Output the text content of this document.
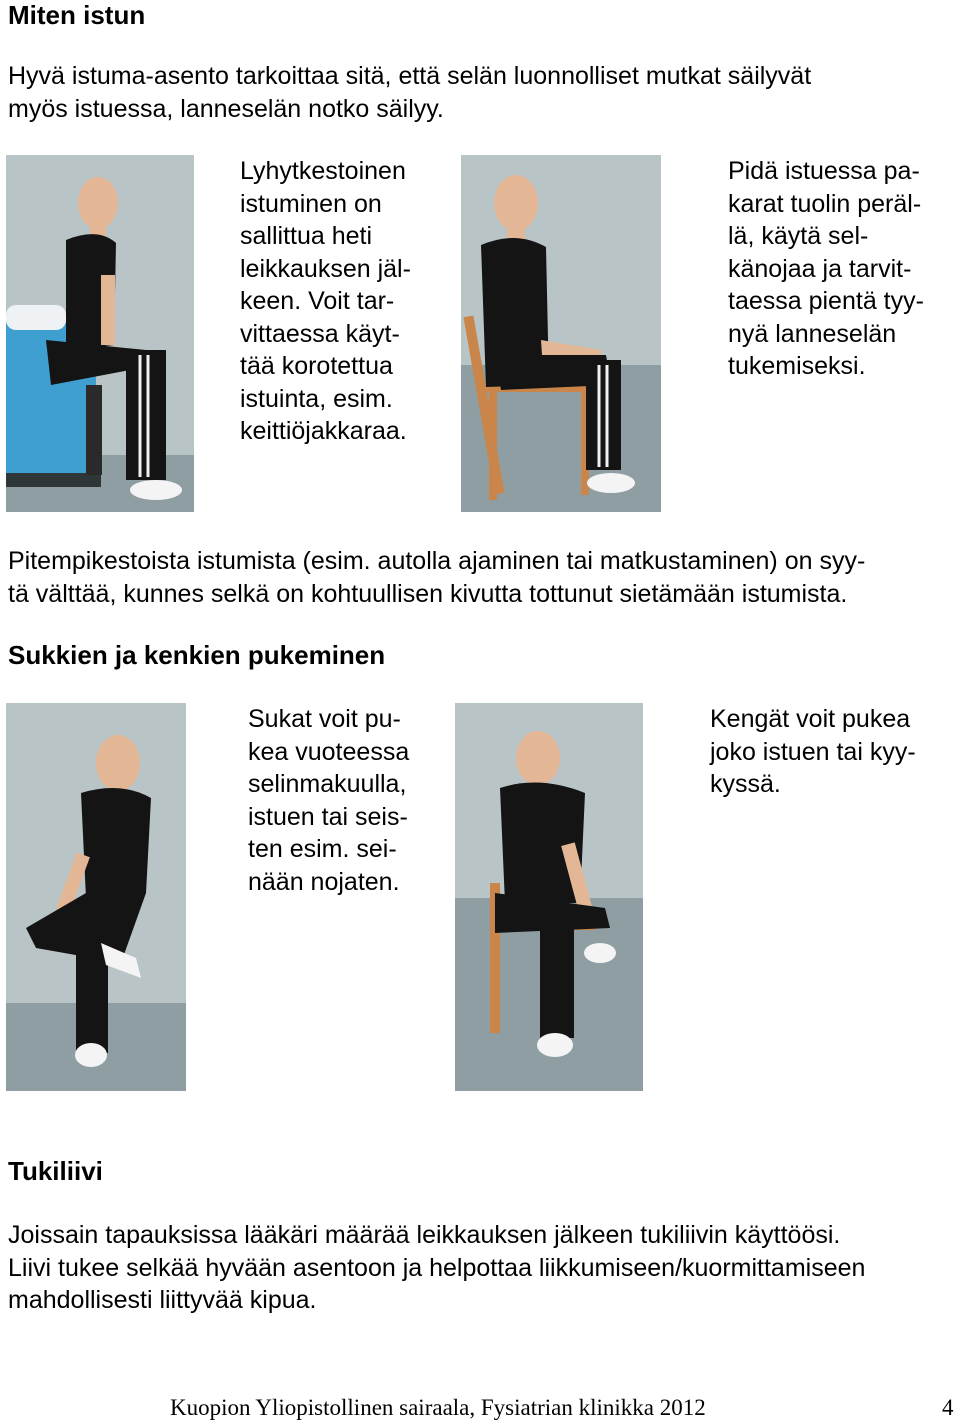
Miten istun
Hyvä istuma-asento tarkoittaa sitä, että selän luonnolliset mutkat säilyvät
myös istuessa, lanneselän notko säilyy.
Lyhytkestoinen
istuminen on
sallittua heti
leikkauksen jäl-
keen. Voit tar-
vittaessa käyt-
tää korotettua
istuinta, esim.
keittiöjakkaraa.
Pidä istuessa pa-
karat tuolin peräl-
lä, käytä sel-
känojaa ja tarvit-
taessa pientä tyy-
nyä lanneselän
tukemiseksi.
Pitempikestoista istumista (esim. autolla ajaminen tai matkustaminen) on syy-
tä välttää, kunnes selkä on kohtuullisen kivutta tottunut sietämään istumista.
Sukkien ja kenkien pukeminen
Sukat voit pu-
kea vuoteessa
selinmakuulla,
istuen tai seis-
ten esim. sei-
nään nojaten.
Kengät voit pukea
joko istuen tai kyy-
kyssä.
Tukiliivi
Joissain tapauksissa lääkäri määrää leikkauksen jälkeen tukiliivin käyttöösi.
Liivi tukee selkää hyvään asentoon ja helpottaa liikkumiseen/kuormittamiseen
mahdollisesti liittyvää kipua.
Kuopion Yliopistollinen sairaala, Fysiatrian klinikka 2012	4
